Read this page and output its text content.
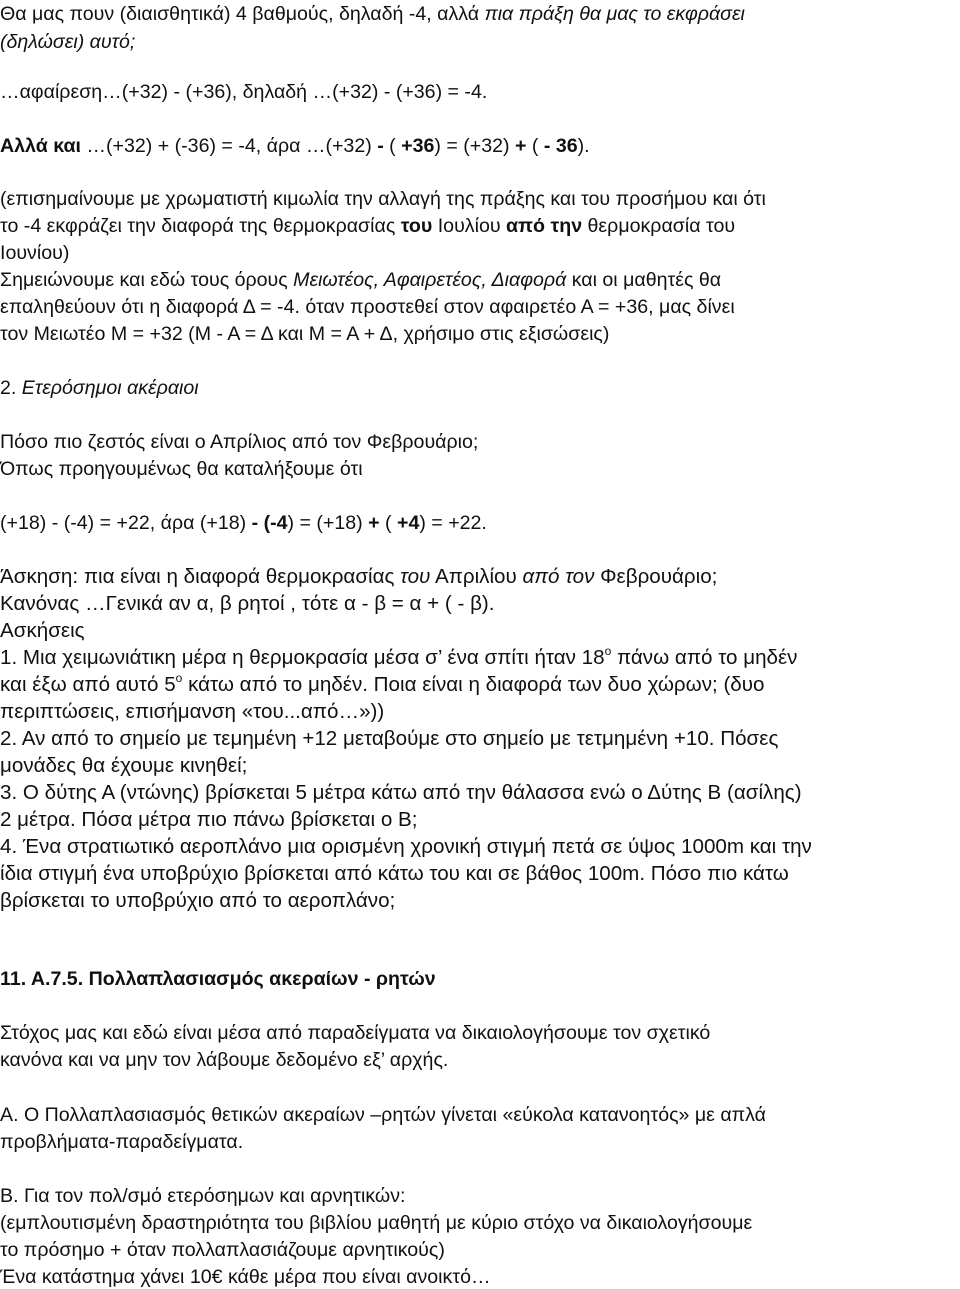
Θα μας πουν (διαισθητικά) 4 βαθμούς, δηλαδή -4, αλλά πια πράξη θα μας το εκφράσει

(δηλώσει) αυτό;

…αφαίρεση…(+32) - (+36), δηλαδή …(+32) - (+36) = -4.

Αλλά και …(+32) + (-36) = -4, άρα …(+32) - ( +36) = (+32) + ( - 36).

(επισημαίνουμε με χρωματιστή κιμωλία την αλλαγή της πράξης και του προσήμου και ότι

το -4 εκφράζει την διαφορά της θερμοκρασίας του Ιουλίου από την θερμοκρασία του

Ιουνίου)

Σημειώνουμε και εδώ τους όρους Μειωτέος, Αφαιρετέος, Διαφορά και οι μαθητές θα

επαληθεύουν ότι η διαφορά Δ = -4. όταν προστεθεί στον αφαιρετέο Α = +36, μας δίνει

τον Μειωτέο Μ = +32 (Μ - Α = Δ και Μ = Α + Δ, χρήσιμο στις εξισώσεις)

2. Ετερόσημοι ακέραιοι

Πόσο πιο ζεστός είναι ο Απρίλιος από τον Φεβρουάριο;

Όπως προηγουμένως θα καταλήξουμε ότι

(+18) - (-4) = +22, άρα (+18) - (-4) = (+18) + ( +4) = +22.

Άσκηση: πια είναι η διαφορά θερμοκρασίας του Απριλίου από τον Φεβρουάριο;

Κανόνας …Γενικά αν α, β ρητοί , τότε α - β = α + ( - β).

Ασκήσεις

1. Μια χειμωνιάτικη μέρα η θερμοκρασία μέσα σ’ ένα σπίτι ήταν $18^o$ πάνω από το μηδέν

και έξω από αυτό $5^o$ κάτω από το μηδέν. Ποια είναι η διαφορά των δυο χώρων; (δυο

περιπτώσεις, επισήμανση «του...από…»))

2. Αν από το σημείο με τεμημένη +12 μεταβούμε στο σημείο με τετμημένη +10. Πόσες

μονάδες θα έχουμε κινηθεί;

3. Ο δύτης Α (ντώνης) βρίσκεται 5 μέτρα κάτω από την θάλασσα ενώ ο Δύτης Β (ασίλης)

2 μέτρα. Πόσα μέτρα πιο πάνω βρίσκεται ο Β;

4. Ένα στρατιωτικό αεροπλάνο μια ορισμένη χρονική στιγμή πετά σε ύψος 1000m και την

ίδια στιγμή ένα υποβρύχιο βρίσκεται από κάτω του και σε βάθος 100m. Πόσο πιο κάτω

βρίσκεται το υποβρύχιο από το αεροπλάνο;

11. Α.7.5. Πολλαπλασιασμός ακεραίων - ρητών

Στόχος μας και εδώ είναι μέσα από παραδείγματα να δικαιολογήσουμε τον σχετικό

κανόνα και να μην τον λάβουμε δεδομένο εξ’ αρχής.

Α. Ο Πολλαπλασιασμός θετικών ακεραίων –ρητών γίνεται «εύκολα κατανοητός» με απλά

προβλήματα-παραδείγματα.

Β. Για τον πολ/σμό ετερόσημων και αρνητικών:

(εμπλουτισμένη δραστηριότητα του βιβλίου μαθητή με κύριο στόχο να δικαιολογήσουμε

το πρόσημο + όταν πολλαπλασιάζουμε αρνητικούς)

Ένα κατάστημα χάνει 10€ κάθε μέρα που είναι ανοικτό…
